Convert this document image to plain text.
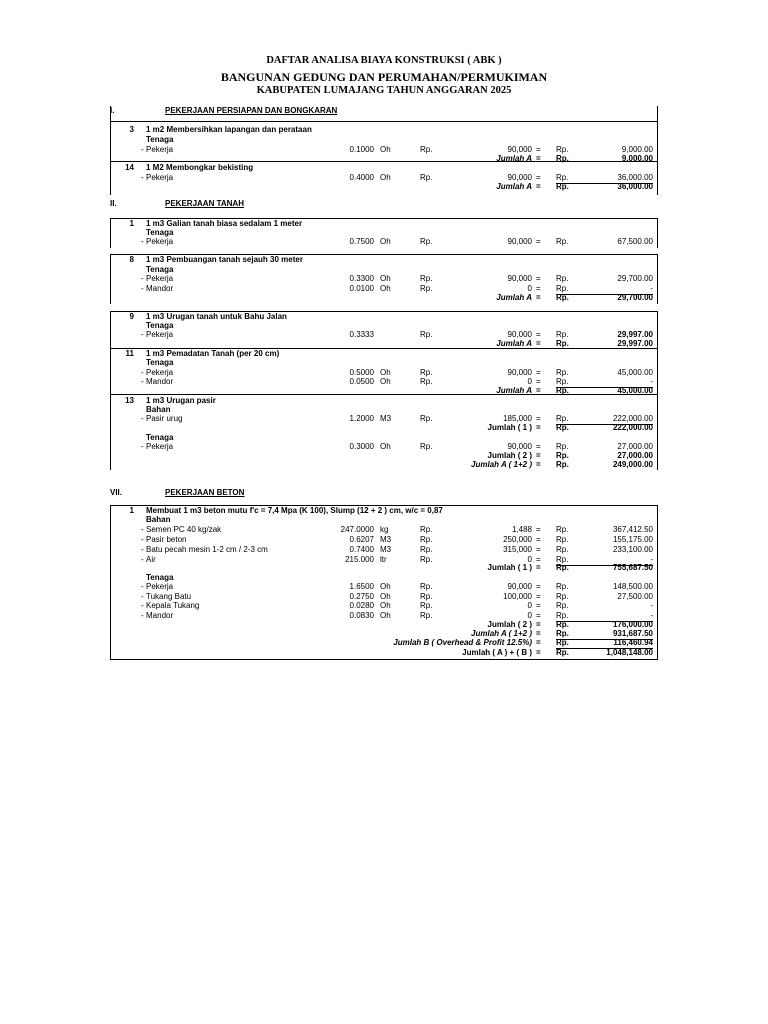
DAFTAR ANALISA BIAYA KONSTRUKSI ( ABK )
BANGUNAN GEDUNG DAN PERUMAHAN/PERMUKIMAN
KABUPATEN LUMAJANG TAHUN ANGGARAN 2025
I.	PEKERJAAN PERSIAPAN DAN BONGKARAN
3 1 m2 Membersihkan lapangan dan perataan
Tenaga
- Pekerja	0.1000 Oh	Rp.	90,000 = Rp.	9,000.00
Jumlah A = Rp.	9,000.00
14 1 M2 Membongkar bekisting
- Pekerja	0.4000 Oh	Rp.	90,000 = Rp.	36,000.00
Jumlah A = Rp.	36,000.00
II.	PEKERJAAN TANAH
1 1 m3 Galian tanah biasa sedalam 1 meter
Tenaga
- Pekerja	0.7500 Oh	Rp.	90,000 = Rp.	67,500.00
8 1 m3 Pembuangan tanah sejauh 30 meter
Tenaga
- Pekerja	0.3300 Oh	Rp.	90,000 = Rp.	29,700.00
- Mandor	0.0100 Oh	Rp.	0 = Rp.	-
Jumlah A = Rp.	29,700.00
9 1 m3 Urugan tanah untuk Bahu Jalan
Tenaga
- Pekerja	0.3333	Rp.	90,000 = Rp.	29,997.00
Jumlah A = Rp.	29,997.00
11 1 m3 Pemadatan Tanah (per 20 cm)
Tenaga
- Pekerja	0.5000 Oh	Rp.	90,000 = Rp.	45,000.00
- Mandor	0.0500 Oh	Rp.	0 = Rp.	-
Jumlah A = Rp.	45,000.00
13 1 m3 Urugan pasir
Bahan
- Pasir urug	1.2000 M3	Rp.	185,000 = Rp.	222,000.00
Jumlah ( 1 ) = Rp.	222,000.00
Tenaga
- Pekerja	0.3000 Oh	Rp.	90,000 = Rp.	27,000.00
Jumlah ( 2 ) = Rp.	27,000.00
Jumlah A ( 1+2 ) = Rp.	249,000.00
VII.	PEKERJAAN BETON
1 Membuat 1 m3 beton mutu f'c = 7,4 Mpa (K 100), Slump (12 + 2 ) cm, w/c = 0,87
Bahan
- Semen PC 40 kg/zak	247.0000 kg	Rp.	1,488 = Rp.	367,412.50
- Pasir beton	0.6207 M3	Rp.	250,000 = Rp.	155,175.00
- Batu pecah mesin 1-2 cm / 2-3 cm	0.7400 M3	Rp.	315,000 = Rp.	233,100.00
- Air	215.000 ltr	Rp.	0 = Rp.	-
Jumlah ( 1 ) = Rp.	755,687.50
Tenaga
- Pekerja	1.6500 Oh	Rp.	90,000 = Rp.	148,500.00
- Tukang Batu	0.2750 Oh	Rp.	100,000 = Rp.	27,500.00
- Kepala Tukang	0.0280 Oh	Rp.	0 = Rp.	-
- Mandor	0.0830 Oh	Rp.	0 = Rp.	-
Jumlah ( 2 ) = Rp.	176,000.00
Jumlah A ( 1+2 ) = Rp.	931,687.50
Jumlah B ( Overhead & Profit 12.5%) = Rp.	116,460.94
Jumlah ( A ) + ( B ) = Rp.	1,048,148.00
